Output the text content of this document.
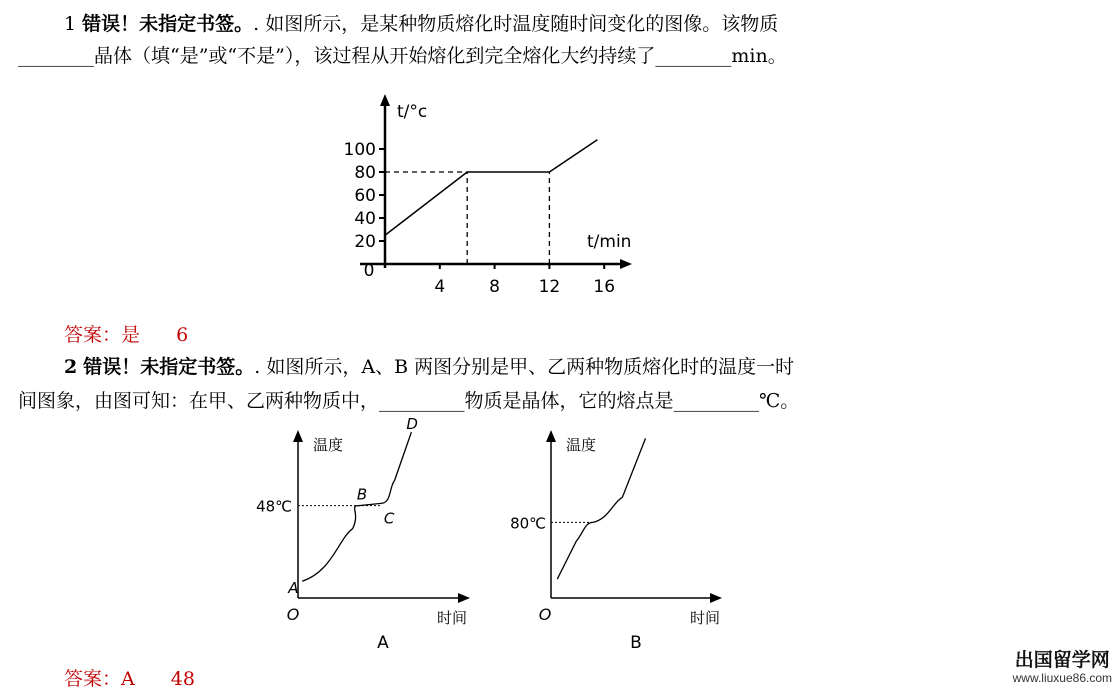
1 错误！未指定书签。. 如图所示，是某种物质熔化时温度随时间变化的图像。该物质
________晶体（填“是”或“不是”），该过程从开始熔化到完全熔化大约持续了________min。
t/°c
t/min
0
20
40
60
80
100
4	8 12 16
答案：是 6
2 错误！未指定书签。. 如图所示，A、B 两图分别是甲、乙两种物质熔化时的温度一时
间图象，由图可知：在甲、乙两种物质中，_________物质是晶体，它的熔点是_________℃。
温度
时间
O
A
48℃
A
B
C
D
温度
时间
O
B
80℃
答案：A 48
出国留学网
www.liuxue86.com
